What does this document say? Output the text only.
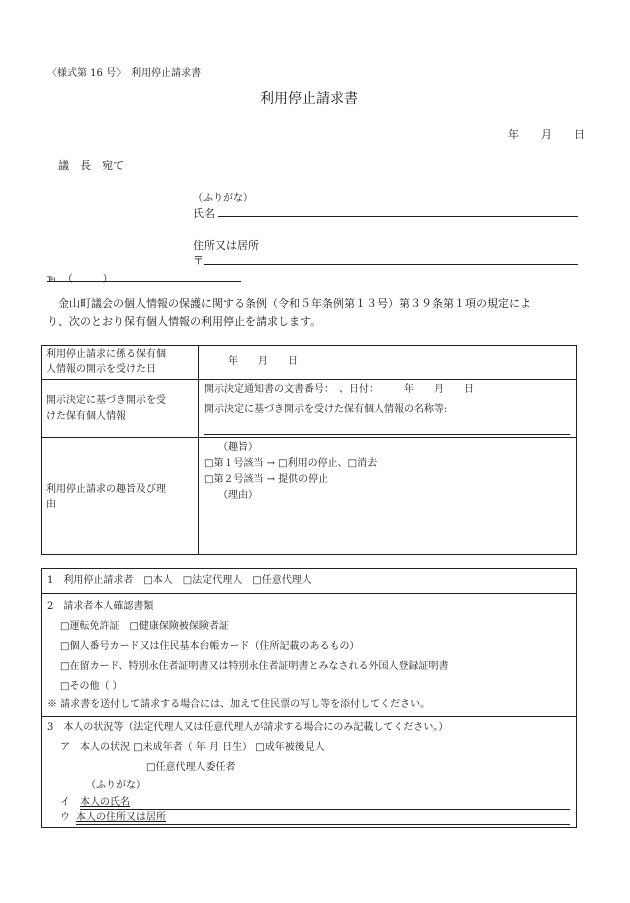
〈様式第 16 号〉　利用停止請求書
利用停止請求書
年　　月　　日
議　長　宛て
（ふりがな）
氏名
住所又は居所
〒
℡　（　　　）
　金山町議会の個人情報の保護に関する条例（令和５年条例第１３号）第３９条第１項の規定によ
り、次のとおり保有個人情報の利用停止を請求します。
利用停止請求に係る保有個
人情報の開示を受けた日
年　　月　　日
開示決定に基づき開示を受
けた保有個人情報
開示決定通知書の文書番号：　、日付：　　　年　　月　　日
開示決定に基づき開示を受けた保有個人情報の名称等:
利用停止請求の趣旨及び理
由
（趣旨）
□第１号該当 → □利用の停止、□消去
□第２号該当 → 提供の停止
（理由）
1　利用停止請求者　□本人　□法定代理人　□任意代理人
2　請求者本人確認書類
□運転免許証　□健康保険被保険者証
□個人番号カード又は住民基本台帳カード（住所記載のあるもの）
□在留カード、特別永住者証明書又は特別永住者証明書とみなされる外国人登録証明書
□その他（ ）
※ 請求書を送付して請求する場合には、加えて住民票の写し等を添付してください。
3　本人の状況等（法定代理人又は任意代理人が請求する場合にのみ記載してください。）
ア　本人の状況 □未成年者（ 年 月 日生） □成年被後見人
□任意代理人委任者
（ふりがな）
イ 本人の氏名
ウ 本人の住所又は居所
